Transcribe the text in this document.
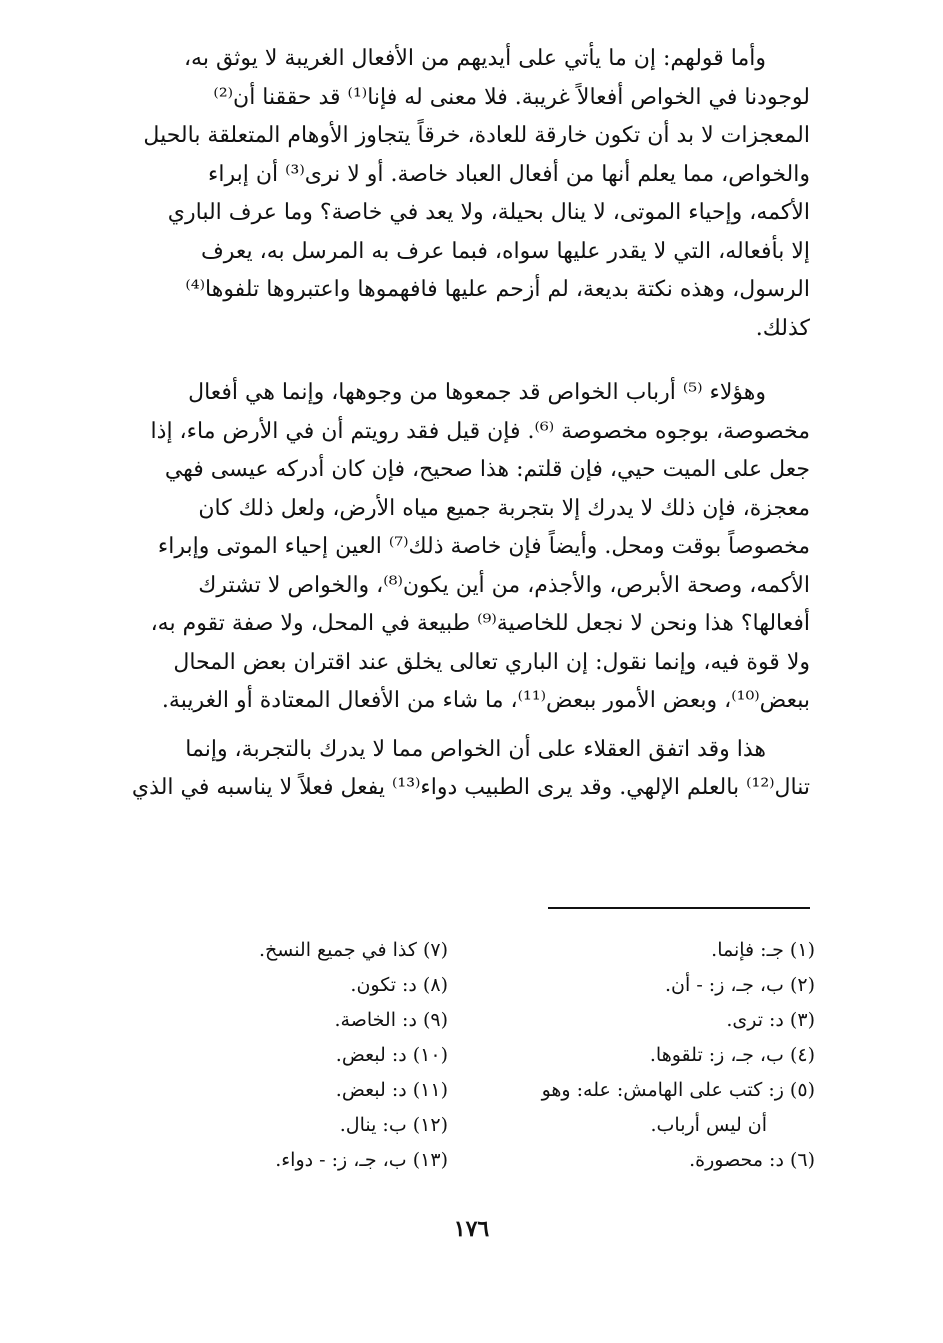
وأما قولهم: إن ما يأتي على أيديهم من الأفعال الغريبة لا يوثق به،
لوجودنا في الخواص أفعالاً غريبة. فلا معنى له فإنا⁽¹⁾ قد حققنا أن⁽²⁾
المعجزات لا بد أن تكون خارقة للعادة، خرقاً يتجاوز الأوهام المتعلقة بالحيل
والخواص، مما يعلم أنها من أفعال العباد خاصة. أو لا نرى⁽³⁾ أن إبراء
الأكمه، وإحياء الموتى، لا ينال بحيلة، ولا يعد في خاصة؟ وما عرف الباري
إلا بأفعاله، التي لا يقدر عليها سواه، فبما عرف به المرسل به، يعرف
الرسول، وهذه نكتة بديعة، لم أزحم عليها فافهموها واعتبروها تلفوها⁽⁴⁾
كذلك.
وهؤلاء ⁽⁵⁾ أرباب الخواص قد جمعوها من وجوهها، وإنما هي أفعال
مخصوصة، بوجوه مخصوصة ⁽⁶⁾. فإن قيل فقد رويتم أن في الأرض ماء، إذا
جعل على الميت حيي، فإن قلتم: هذا صحيح، فإن كان أدركه عيسى فهي
معجزة، فإن ذلك لا يدرك إلا بتجربة جميع مياه الأرض، ولعل ذلك كان
مخصوصاً بوقت ومحل. وأيضاً فإن خاصة ذلك⁽⁷⁾ العين إحياء الموتى وإبراء
الأكمه، وصحة الأبرص، والأجذم، من أين يكون⁽⁸⁾، والخواص لا تشترك
أفعالها؟ هذا ونحن لا نجعل للخاصية⁽⁹⁾ طبيعة في المحل، ولا صفة تقوم به،
ولا قوة فيه، وإنما نقول: إن الباري تعالى يخلق عند اقتران بعض المحال
ببعض⁽¹⁰⁾، وبعض الأمور ببعض⁽¹¹⁾، ما شاء من الأفعال المعتادة أو الغريبة.
هذا وقد اتفق العقلاء على أن الخواص مما لا يدرك بالتجربة، وإنما
تنال⁽¹²⁾ بالعلم الإلهي. وقد يرى الطبيب دواء⁽¹³⁾ يفعل فعلاً لا يناسبه في الذي
(١) جـ: فإنما.
(٢) ب، جـ، ز: - أن.
(٣) د: ترى.
(٤) ب، جـ، ز: تلقوها.
(٥) ز: كتب على الهامش: عله: وهو
أن ليس أرباب.
(٦) د: محصورة.
(٧) كذا في جميع النسخ.
(٨) د: تكون.
(٩) د: الخاصة.
(١٠) د: لبعض.
(١١) د: لبعض.
(١٢) ب: ينال.
(١٣) ب، جـ، ز: - دواء.
١٧٦
